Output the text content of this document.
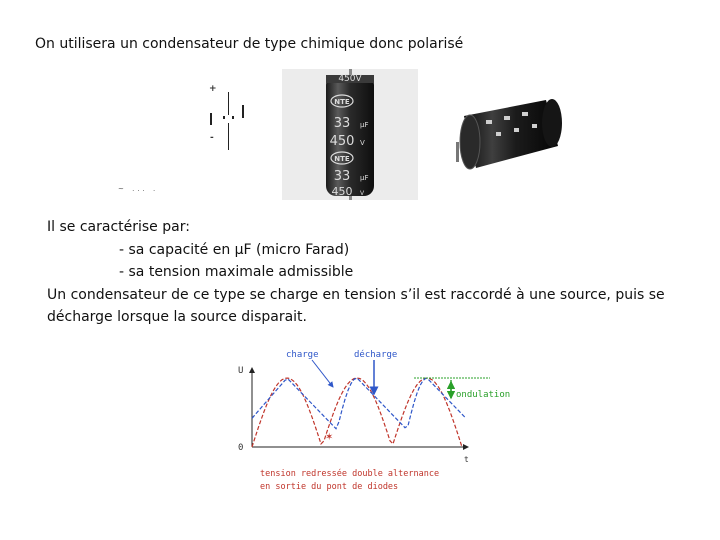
On utilisera un condensateur de type chimique donc polarisé
+
-
~ ... .
450V
NTE
33 μF
450 V
NTE
33 μF
450 V
Il se caractérise par:
- sa capacité en µF (micro Farad)
- sa tension maximale admissible
Un condensateur de ce type se charge en tension s’il est raccordé à une source, puis se décharge lorsque la source disparait.
U
0
t
charge	décharge
ondulation
✶
tension redressée double alternance
en sortie du pont de diodes
